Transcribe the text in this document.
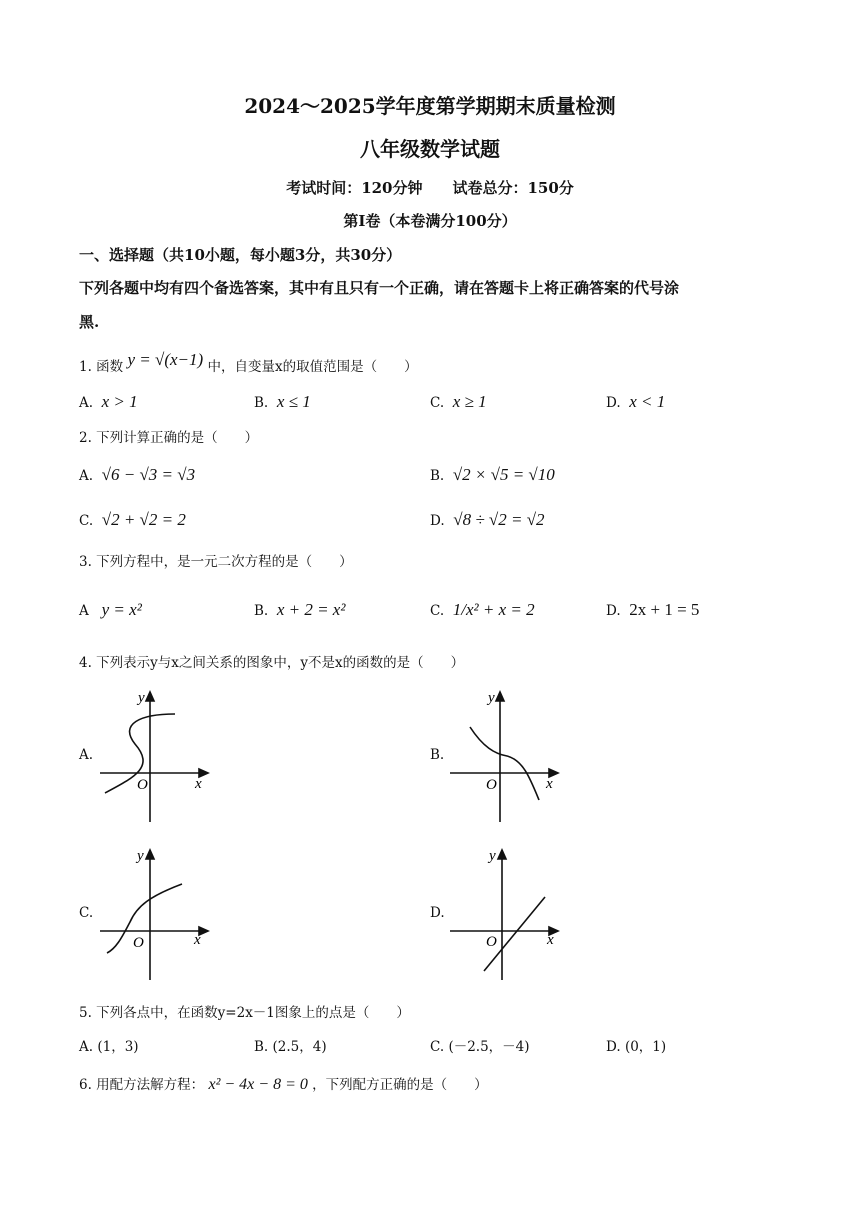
2024～2025学年度第学期期末质量检测
八年级数学试题
考试时间：120分钟　　试卷总分：150分
第Ⅰ卷（本卷满分100分）
一、选择题（共10小题，每小题3分，共30分）
下列各题中均有四个备选答案，其中有且只有一个正确，请在答题卡上将正确答案的代号涂
黑.
1. 函数 y = √(x−1) 中，自变量x的取值范围是（　　）
A. x > 1	B. x ≤ 1	C. x ≥ 1	D. x < 1
2. 下列计算正确的是（　　）
A. √6 − √3 = √3	B. √2 × √5 = √10
C. √2 + √2 = 2	D. √8 ÷ √2 = √2
3. 下列方程中，是一元二次方程的是（　　）
A y = x²	B. x + 2 = x²	C. 1/x² + x = 2	D. 2x + 1 = 5
4. 下列表示y与x之间关系的图象中，y不是x的函数的是（　　）
A.
O	x
y
B.
O	x
y
C.
O	x
y
D.
O	x
y
5. 下列各点中，在函数y=2x－1图象上的点是（　　）
A. (1，3)	B. (2.5，4)	C. (－2.5，－4)	D. (0，1)
6. 用配方法解方程： x² − 4x − 8 = 0 ，下列配方正确的是（　　）
